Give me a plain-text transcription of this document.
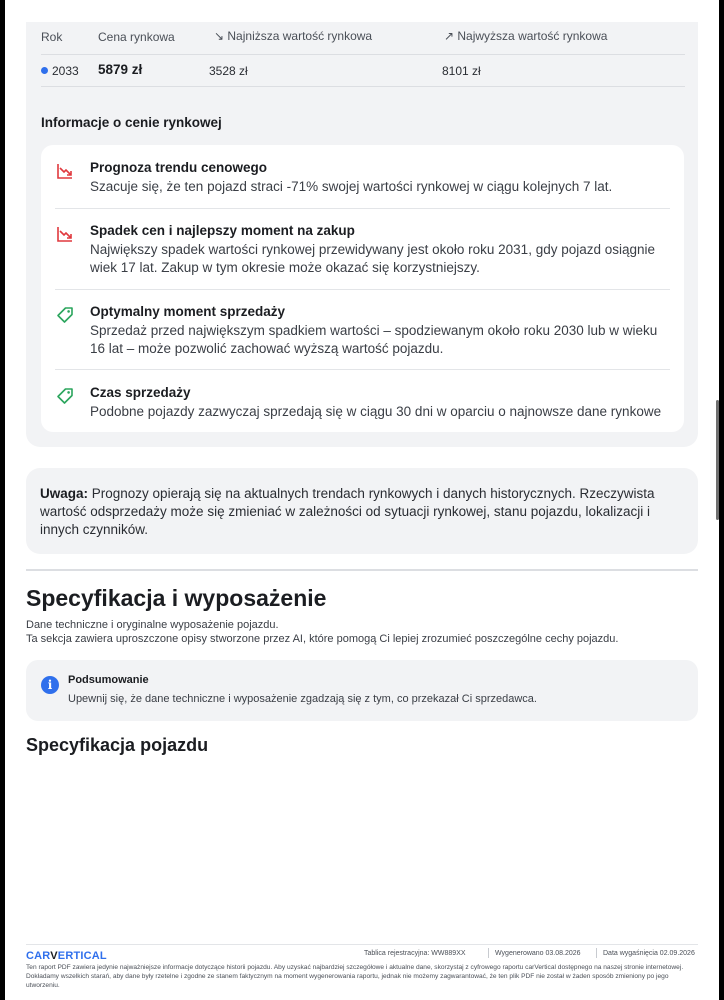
Rok	Cena rynkowa	↘ Najniższa wartość rynkowa	↗ Najwyższa wartość rynkowa
2033 5879 zł	3528 zł	8101 zł
Informacje o cenie rynkowej
Prognoza trendu cenowego
Szacuje się, że ten pojazd straci -71% swojej wartości rynkowej w ciągu kolejnych 7 lat.
Spadek cen i najlepszy moment na zakup
Największy spadek wartości rynkowej przewidywany jest około roku 2031, gdy pojazd osiągnie wiek 17 lat. Zakup w tym okresie może okazać się korzystniejszy.
Optymalny moment sprzedaży
Sprzedaż przed największym spadkiem wartości – spodziewanym około roku 2030 lub w wieku 16 lat – może pozwolić zachować wyższą wartość pojazdu.
Czas sprzedaży
Podobne pojazdy zazwyczaj sprzedają się w ciągu 30 dni w oparciu o najnowsze dane rynkowe
Uwaga: Prognozy opierają się na aktualnych trendach rynkowych i danych historycznych. Rzeczywista wartość odsprzedaży może się zmieniać w zależności od sytuacji rynkowej, stanu pojazdu, lokalizacji i innych czynników.
Specyfikacja i wyposażenie
Dane techniczne i oryginalne wyposażenie pojazdu.
Ta sekcja zawiera uproszczone opisy stworzone przez AI, które pomogą Ci lepiej zrozumieć poszczególne cechy pojazdu.
i	Podsumowanie
Upewnij się, że dane techniczne i wyposażenie zgadzają się z tym, co przekazał Ci sprzedawca.
Specyfikacja pojazdu
CARVERTICAL	Tablica rejestracyjna: WW889XX	Wygenerowano 03.08.2026	Data wygaśnięcia 02.09.2026
Ten raport PDF zawiera jedynie najważniejsze informacje dotyczące historii pojazdu. Aby uzyskać najbardziej szczegółowe i aktualne dane, skorzystaj z cyfrowego raportu carVertical dostępnego na naszej stronie internetowej. Dokładamy wszelkich starań, aby dane były rzetelne i zgodne ze stanem faktycznym na moment wygenerowania raportu, jednak nie możemy zagwarantować, że ten plik PDF nie został w żaden sposób zmieniony po jego utworzeniu.
